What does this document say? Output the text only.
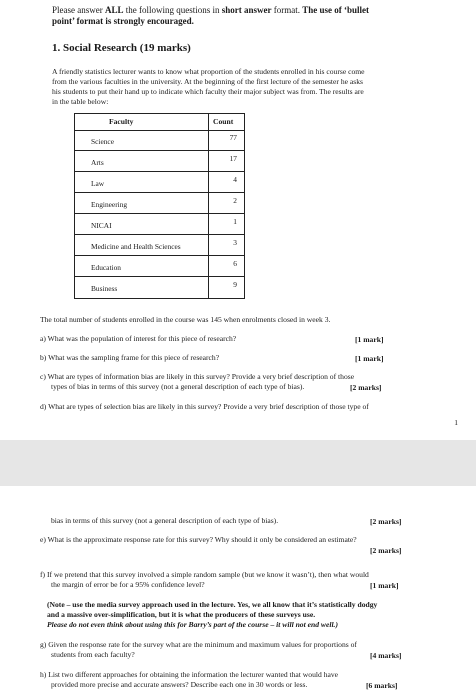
Please answer ALL the following questions in short answer format. The use of ‘bullet
point’ format is strongly encouraged.
1. Social Research (19 marks)
A friendly statistics lecturer wants to know what proportion of the students enrolled in his course come
from the various faculties in the university. At the beginning of the first lecture of the semester he asks
his students to put their hand up to indicate which faculty their major subject was from. The results are
in the table below:
Faculty	Count
Science	77
Arts	17
Law	4
Engineering	2
NICAI	1
Medicine and Health Sciences	3
Education	6
Business	9
The total number of students enrolled in the course was 145 when enrolments closed in week 3.
a) What was the population of interest for this piece of research?	[1 mark]
b) What was the sampling frame for this piece of research?	[1 mark]
c) What are types of information bias are likely in this survey? Provide a very brief description of those
types of bias in terms of this survey (not a general description of each type of bias).	[2 marks]
d) What are types of selection bias are likely in this survey? Provide a very brief description of those type of
1
bias in terms of this survey (not a general description of each type of bias).	[2 marks]
e) What is the approximate response rate for this survey? Why should it only be considered an estimate?
[2 marks]
f) If we pretend that this survey involved a simple random sample (but we know it wasn’t), then what would
the margin of error be for a 95% confidence level?	[1 mark]
(Note – use the media survey approach used in the lecture. Yes, we all know that it’s statistically dodgy
and a massive over-simplification, but it is what the producers of these surveys use.
Please do not even think about using this for Barry’s part of the course – it will not end well.)
g) Given the response rate for the survey what are the minimum and maximum values for proportions of
students from each faculty?	[4 marks]
h) List two different approaches for obtaining the information the lecturer wanted that would have
provided more precise and accurate answers? Describe each one in 30 words or less.	[6 marks]
